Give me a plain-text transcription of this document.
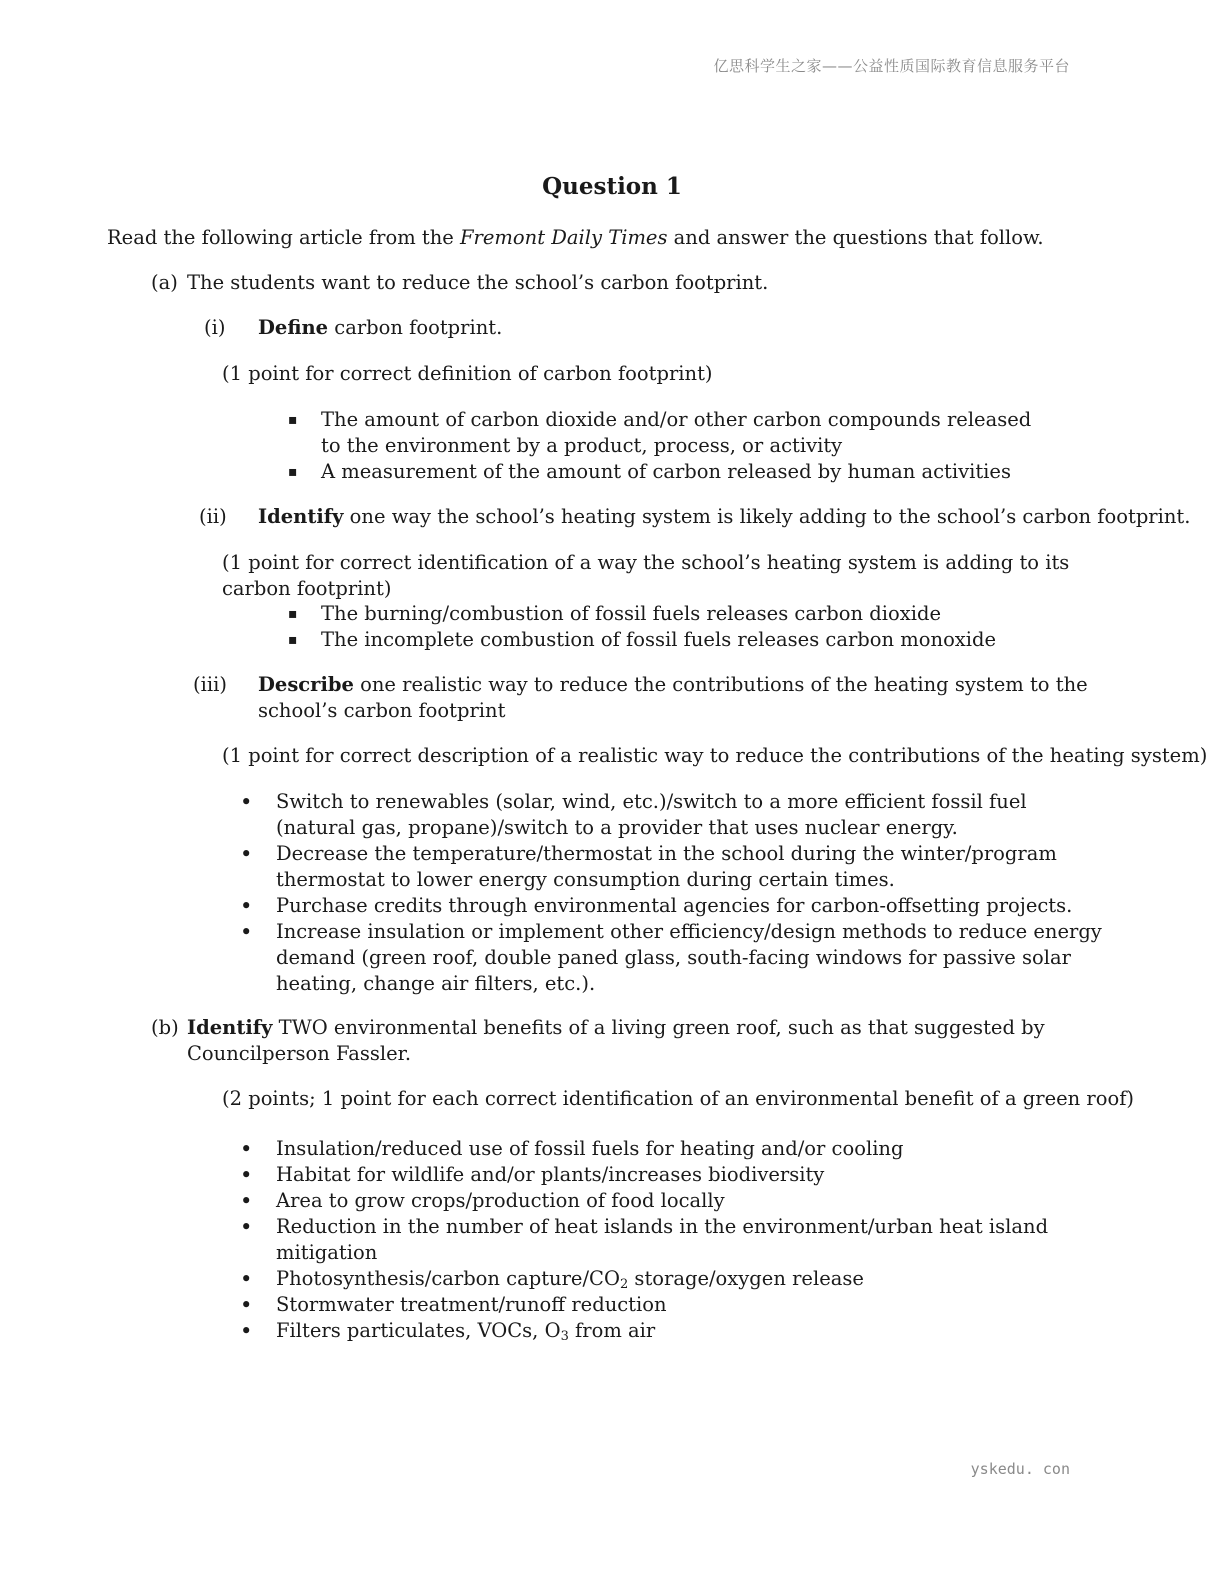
亿思科学生之家——公益性质国际教育信息服务平台
Question 1
Read the following article from the Fremont Daily Times and answer the questions that follow.
(a) The students want to reduce the school’s carbon footprint.
(i) Define carbon footprint.
(1 point for correct definition of carbon footprint)
▪ The amount of carbon dioxide and/or other carbon compounds released to the environment by a product, process, or activity
▪ A measurement of the amount of carbon released by human activities
(ii) Identify one way the school’s heating system is likely adding to the school’s carbon footprint.
(1 point for correct identification of a way the school’s heating system is adding to its carbon footprint)
▪ The burning/combustion of fossil fuels releases carbon dioxide
▪ The incomplete combustion of fossil fuels releases carbon monoxide
(iii) Describe one realistic way to reduce the contributions of the heating system to the school’s carbon footprint
(1 point for correct description of a realistic way to reduce the contributions of the heating system)
• Switch to renewables (solar, wind, etc.)/switch to a more efficient fossil fuel (natural gas, propane)/switch to a provider that uses nuclear energy.
• Decrease the temperature/thermostat in the school during the winter/program thermostat to lower energy consumption during certain times.
• Purchase credits through environmental agencies for carbon-offsetting projects.
• Increase insulation or implement other efficiency/design methods to reduce energy demand (green roof, double paned glass, south-facing windows for passive solar heating, change air filters, etc.).
(b) Identify TWO environmental benefits of a living green roof, such as that suggested by Councilperson Fassler.
(2 points; 1 point for each correct identification of an environmental benefit of a green roof)
• Insulation/reduced use of fossil fuels for heating and/or cooling
• Habitat for wildlife and/or plants/increases biodiversity
• Area to grow crops/production of food locally
• Reduction in the number of heat islands in the environment/urban heat island mitigation
• Photosynthesis/carbon capture/$CO_2$ storage/oxygen release
• Stormwater treatment/runoff reduction
• Filters particulates, VOCs, $O_3$ from air
yskedu. con
